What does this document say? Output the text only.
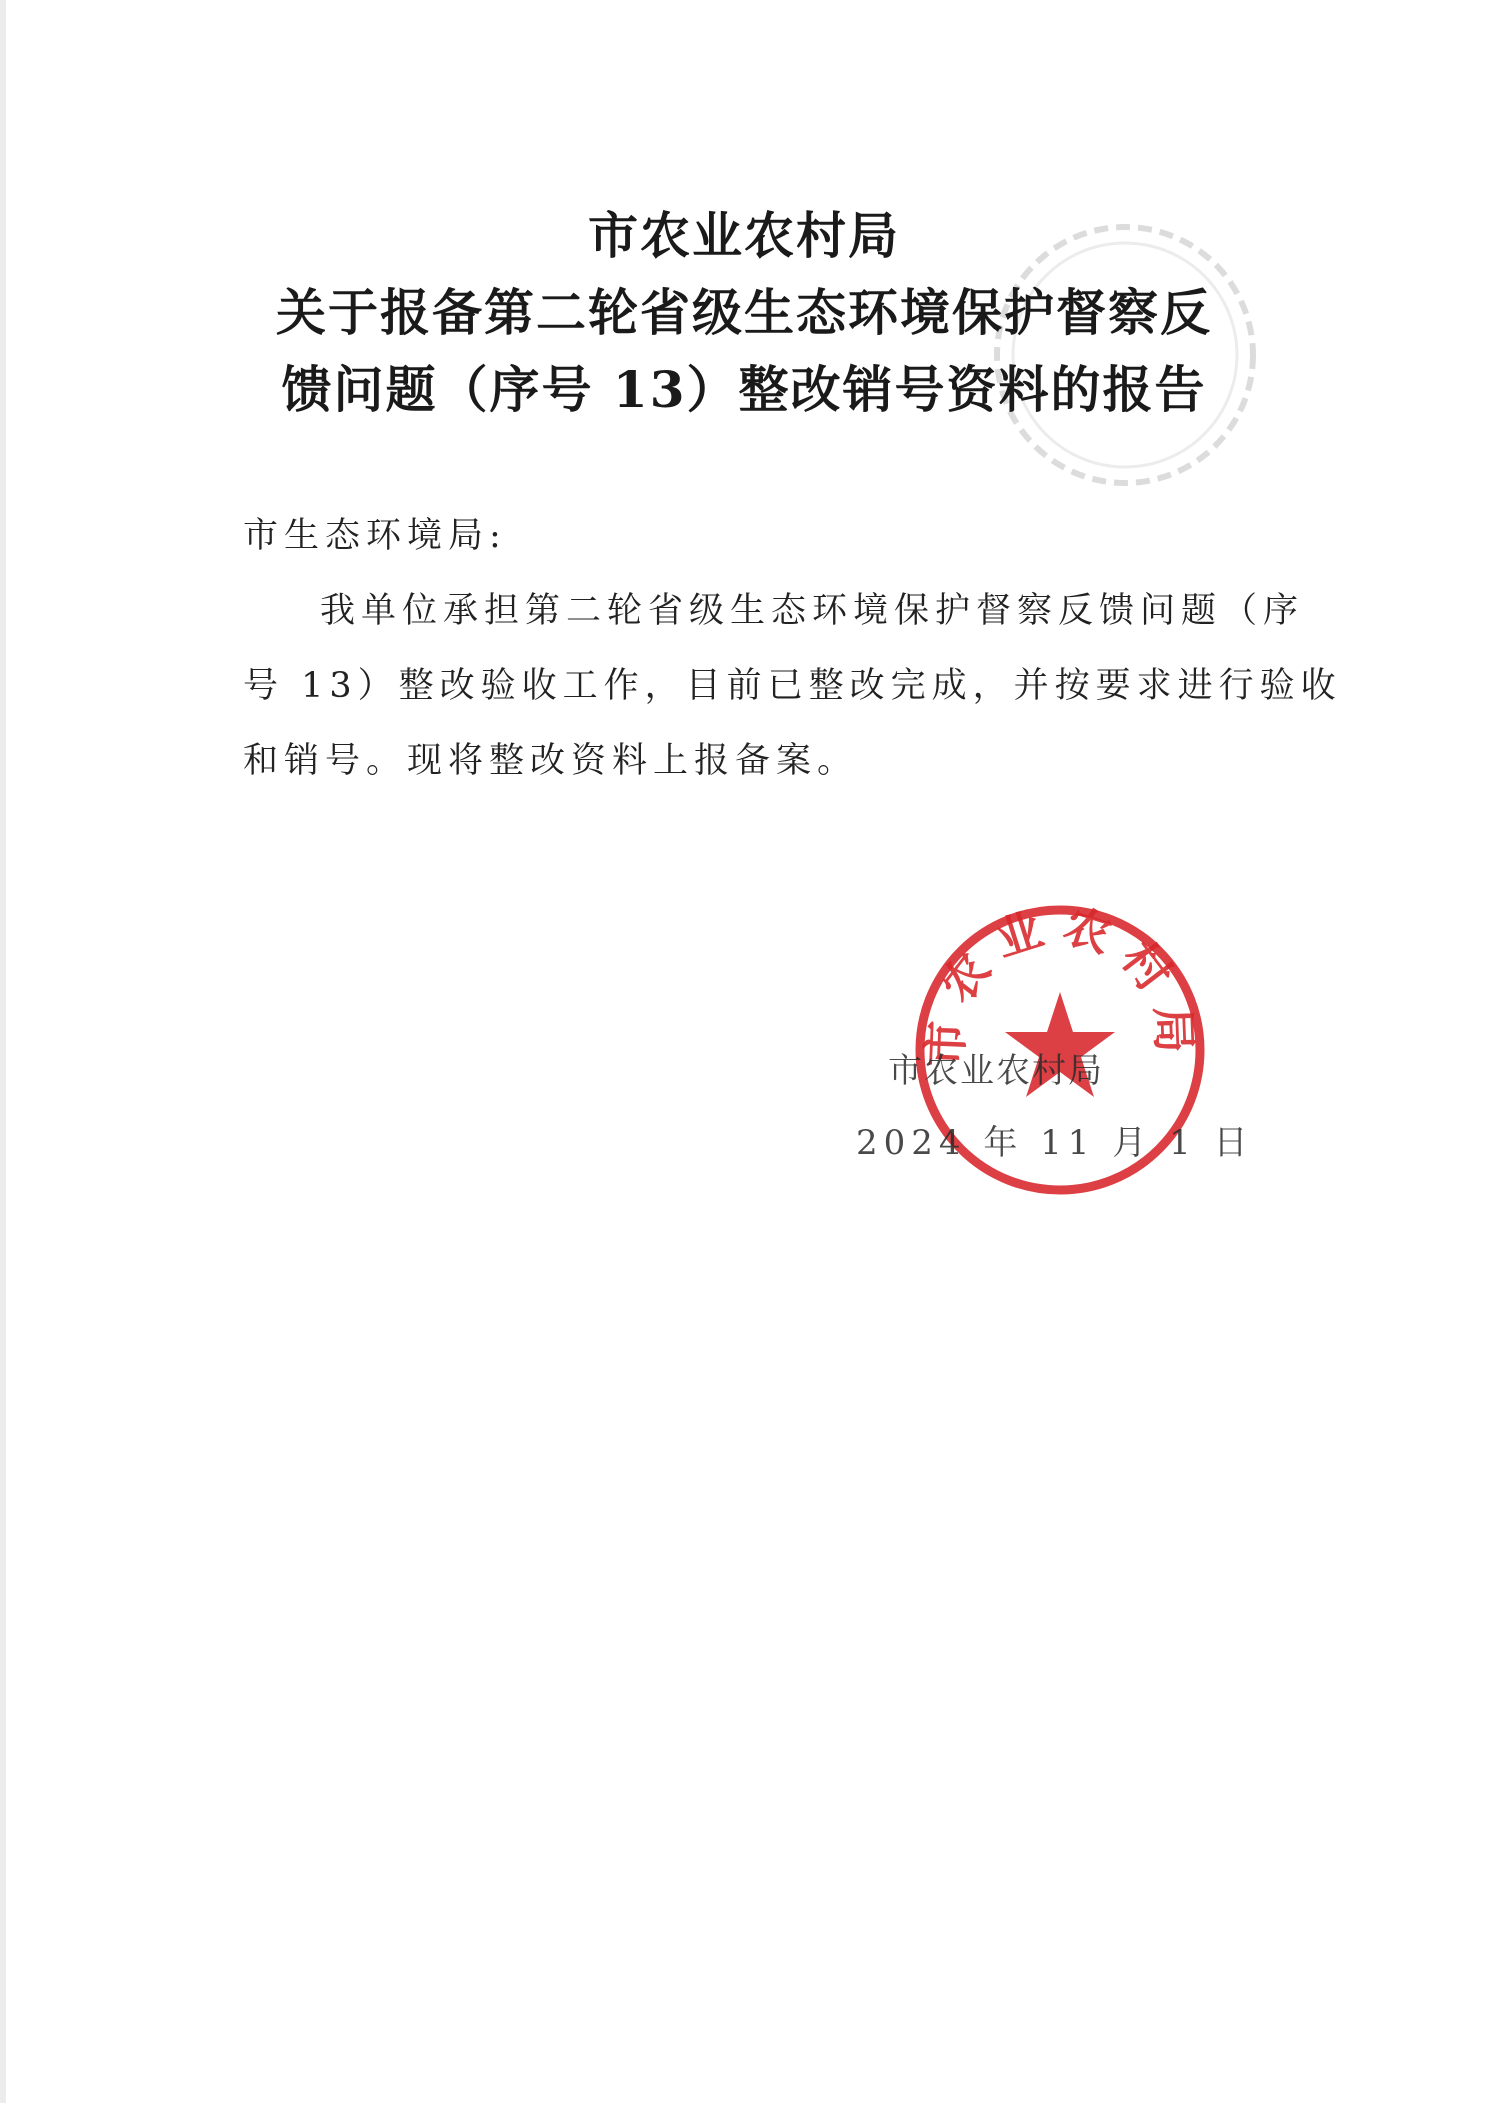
市农业农村局
关于报备第二轮省级生态环境保护督察反
馈问题（序号 13）整改销号资料的报告
市生态环境局:
我单位承担第二轮省级生态环境保护督察反馈问题（序
号 13）整改验收工作，目前已整改完成，并按要求进行验收
和销号。现将整改资料上报备案。
市农业农村局
市农业农村局
2024 年 11 月 1 日
